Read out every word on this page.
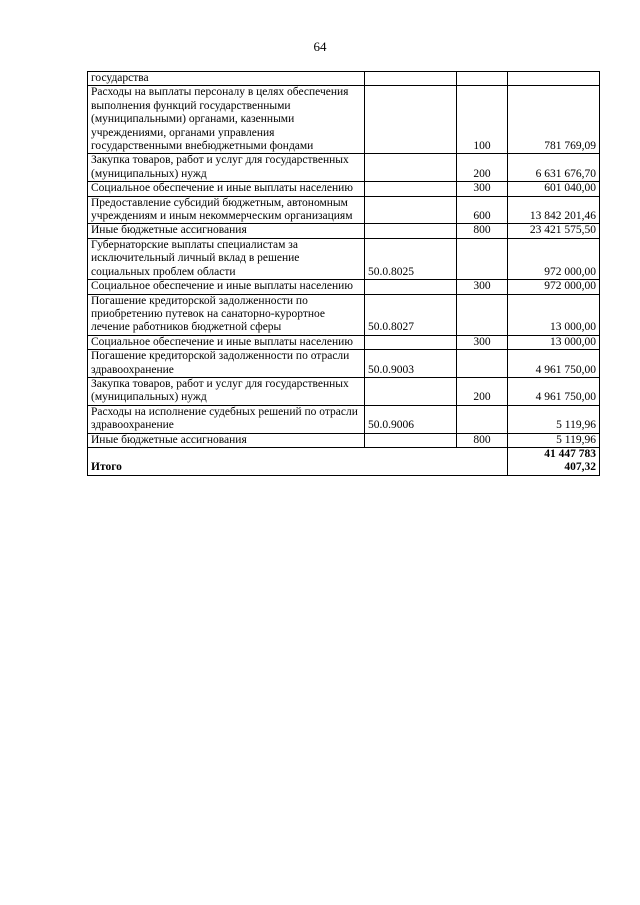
64
государства			
Расходы на выплаты персоналу в целях обеспечения выполнения функций государственными (муниципальными) органами, казенными учреждениями, органами управления государственными внебюджетными фондами		100	781 769,09
Закупка товаров, работ и услуг для государственных (муниципальных) нужд		200	6 631 676,70
Социальное обеспечение и иные выплаты населению		300	601 040,00
Предоставление субсидий бюджетным, автономным учреждениям и иным некоммерческим организациям		600	13 842 201,46
Иные бюджетные ассигнования		800	23 421 575,50
Губернаторские выплаты специалистам за исключительный личный вклад в решение социальных проблем области	50.0.8025		972 000,00
Социальное обеспечение и иные выплаты населению		300	972 000,00
Погашение кредиторской задолженности по приобретению путевок на санаторно-курортное лечение работников бюджетной сферы	50.0.8027		13 000,00
Социальное обеспечение и иные выплаты населению		300	13 000,00
Погашение кредиторской задолженности по отрасли здравоохранение	50.0.9003		4 961 750,00
Закупка товаров, работ и услуг для государственных (муниципальных) нужд		200	4 961 750,00
Расходы на исполнение судебных решений по отрасли здравоохранение	50.0.9006		5 119,96
Иные бюджетные ассигнования		800	5 119,96
Итого			41 447 783 407,32
